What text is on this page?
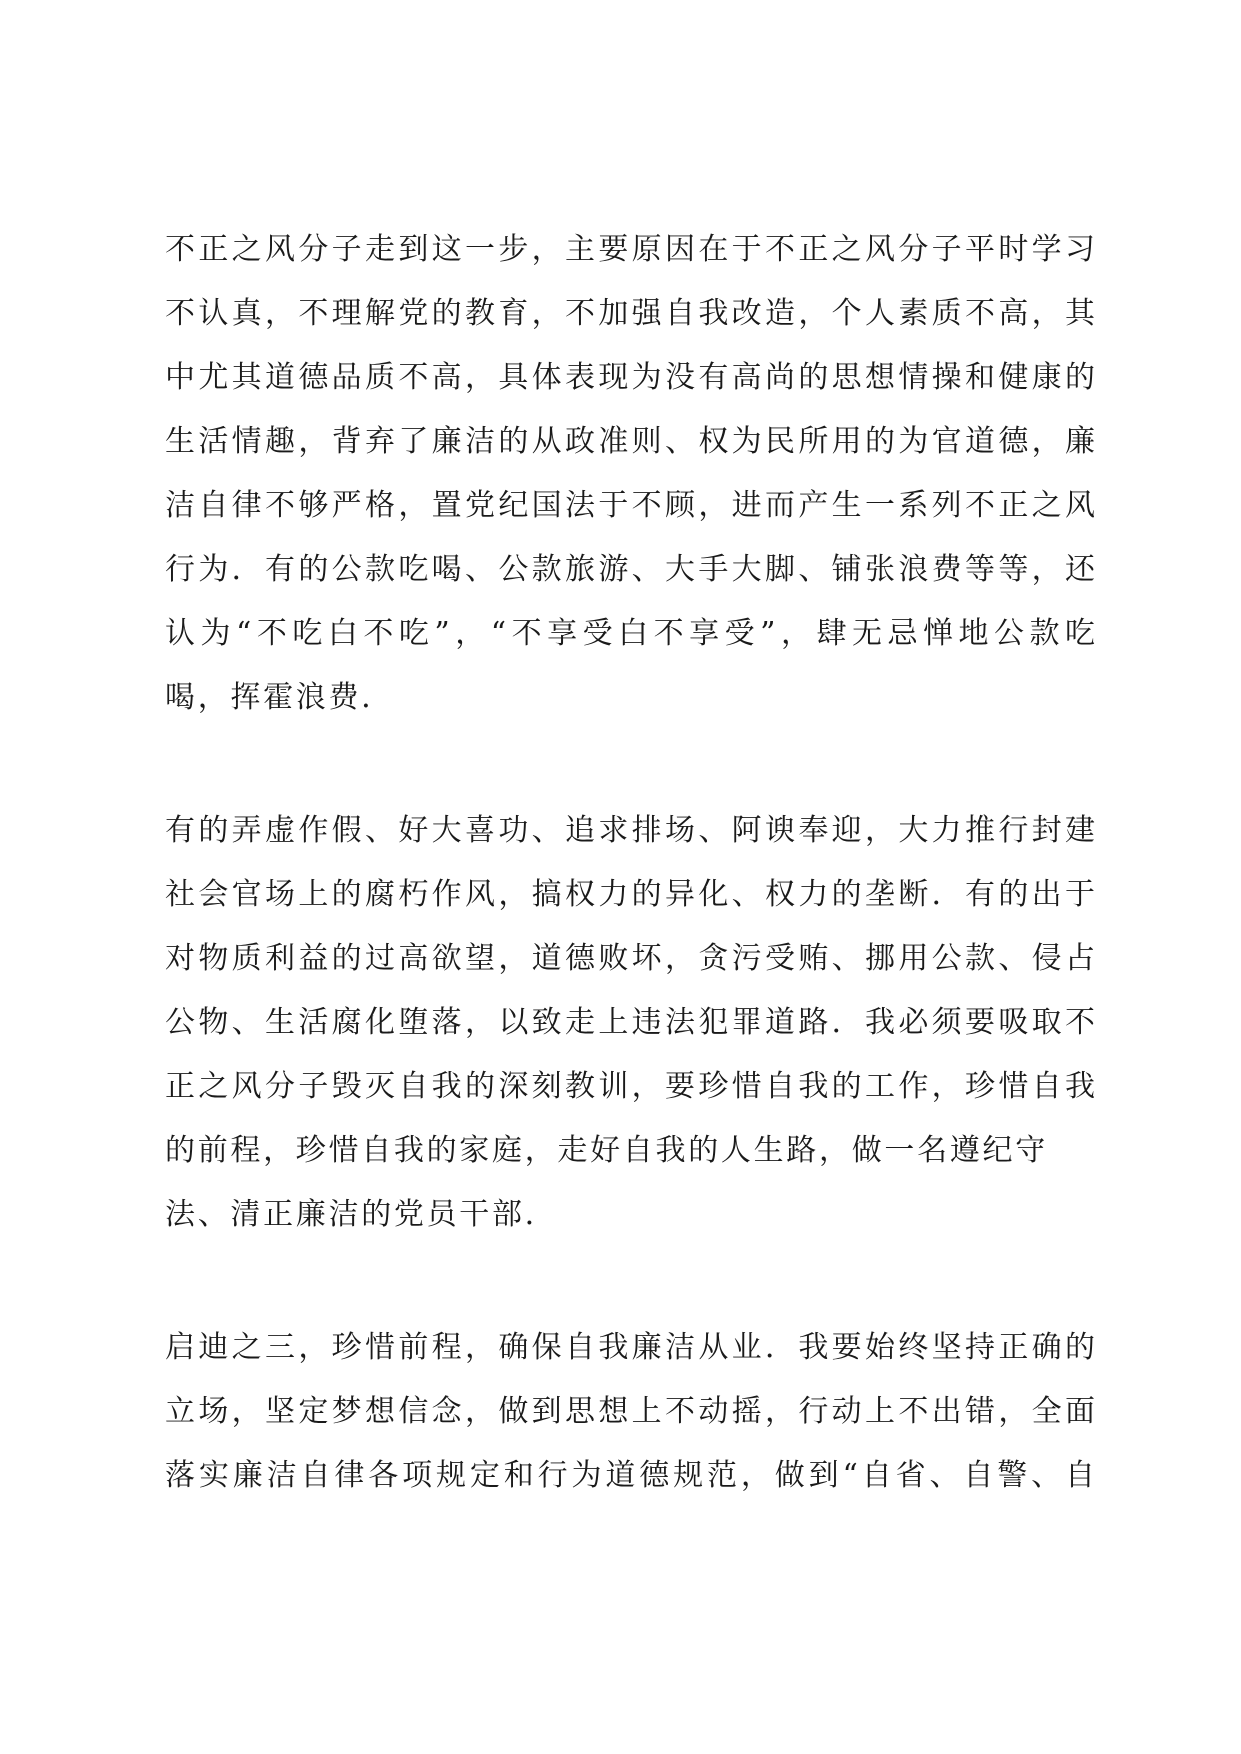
不正之风分子走到这一步，主要原因在于不正之风分子平时学习
不认真，不理解党的教育，不加强自我改造，个人素质不高，其
中尤其道德品质不高，具体表现为没有高尚的思想情操和健康的
生活情趣，背弃了廉洁的从政准则、权为民所用的为官道德，廉
洁自律不够严格，置党纪国法于不顾，进而产生一系列不正之风
行为．有的公款吃喝、公款旅游、大手大脚、铺张浪费等等，还
认为“不吃白不吃”，“不享受白不享受”，肆无忌惮地公款吃
喝，挥霍浪费．
有的弄虚作假、好大喜功、追求排场、阿谀奉迎，大力推行封建
社会官场上的腐朽作风，搞权力的异化、权力的垄断．有的出于
对物质利益的过高欲望，道德败坏，贪污受贿、挪用公款、侵占
公物、生活腐化堕落，以致走上违法犯罪道路．我必须要吸取不
正之风分子毁灭自我的深刻教训，要珍惜自我的工作，珍惜自我
的前程，珍惜自我的家庭，走好自我的人生路，做一名遵纪守
法、清正廉洁的党员干部．
启迪之三，珍惜前程，确保自我廉洁从业．我要始终坚持正确的
立场，坚定梦想信念，做到思想上不动摇，行动上不出错，全面
落实廉洁自律各项规定和行为道德规范，做到“自省、自警、自
